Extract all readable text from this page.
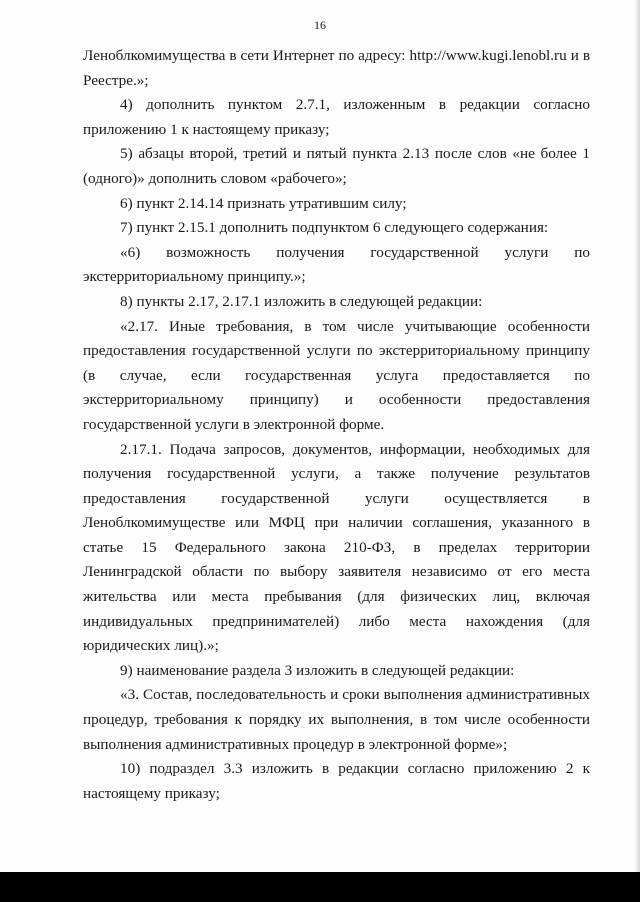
16

Леноблкомимущества в сети Интернет по адресу: http://www.kugi.lenobl.ru и в Реестре.»;

4) дополнить пунктом 2.7.1, изложенным в редакции согласно приложению 1 к настоящему приказу;

5) абзацы второй, третий и пятый пункта 2.13 после слов «не более 1 (одного)» дополнить словом «рабочего»;

6) пункт 2.14.14 признать утратившим силу;

7) пункт 2.15.1 дополнить подпунктом 6 следующего содержания:

«6) возможность получения государственной услуги по экстерриториальному принципу.»;

8) пункты 2.17, 2.17.1 изложить в следующей редакции:

«2.17. Иные требования, в том числе учитывающие особенности предоставления государственной услуги по экстерриториальному принципу (в случае, если государственная услуга предоставляется по экстерриториальному принципу) и особенности предоставления государственной услуги в электронной форме.

2.17.1. Подача запросов, документов, информации, необходимых для получения государственной услуги, а также получение результатов предоставления государственной услуги осуществляется в Леноблкомимуществе или МФЦ при наличии соглашения, указанного в статье 15 Федерального закона 210-ФЗ, в пределах территории Ленинградской области по выбору заявителя независимо от его места жительства или места пребывания (для физических лиц, включая индивидуальных предпринимателей) либо места нахождения (для юридических лиц).»;

9) наименование раздела 3 изложить в следующей редакции:

«3. Состав, последовательность и сроки выполнения административных процедур, требования к порядку их выполнения, в том числе особенности выполнения административных процедур в электронной форме»;

10) подраздел 3.3 изложить в редакции согласно приложению 2 к настоящему приказу;
